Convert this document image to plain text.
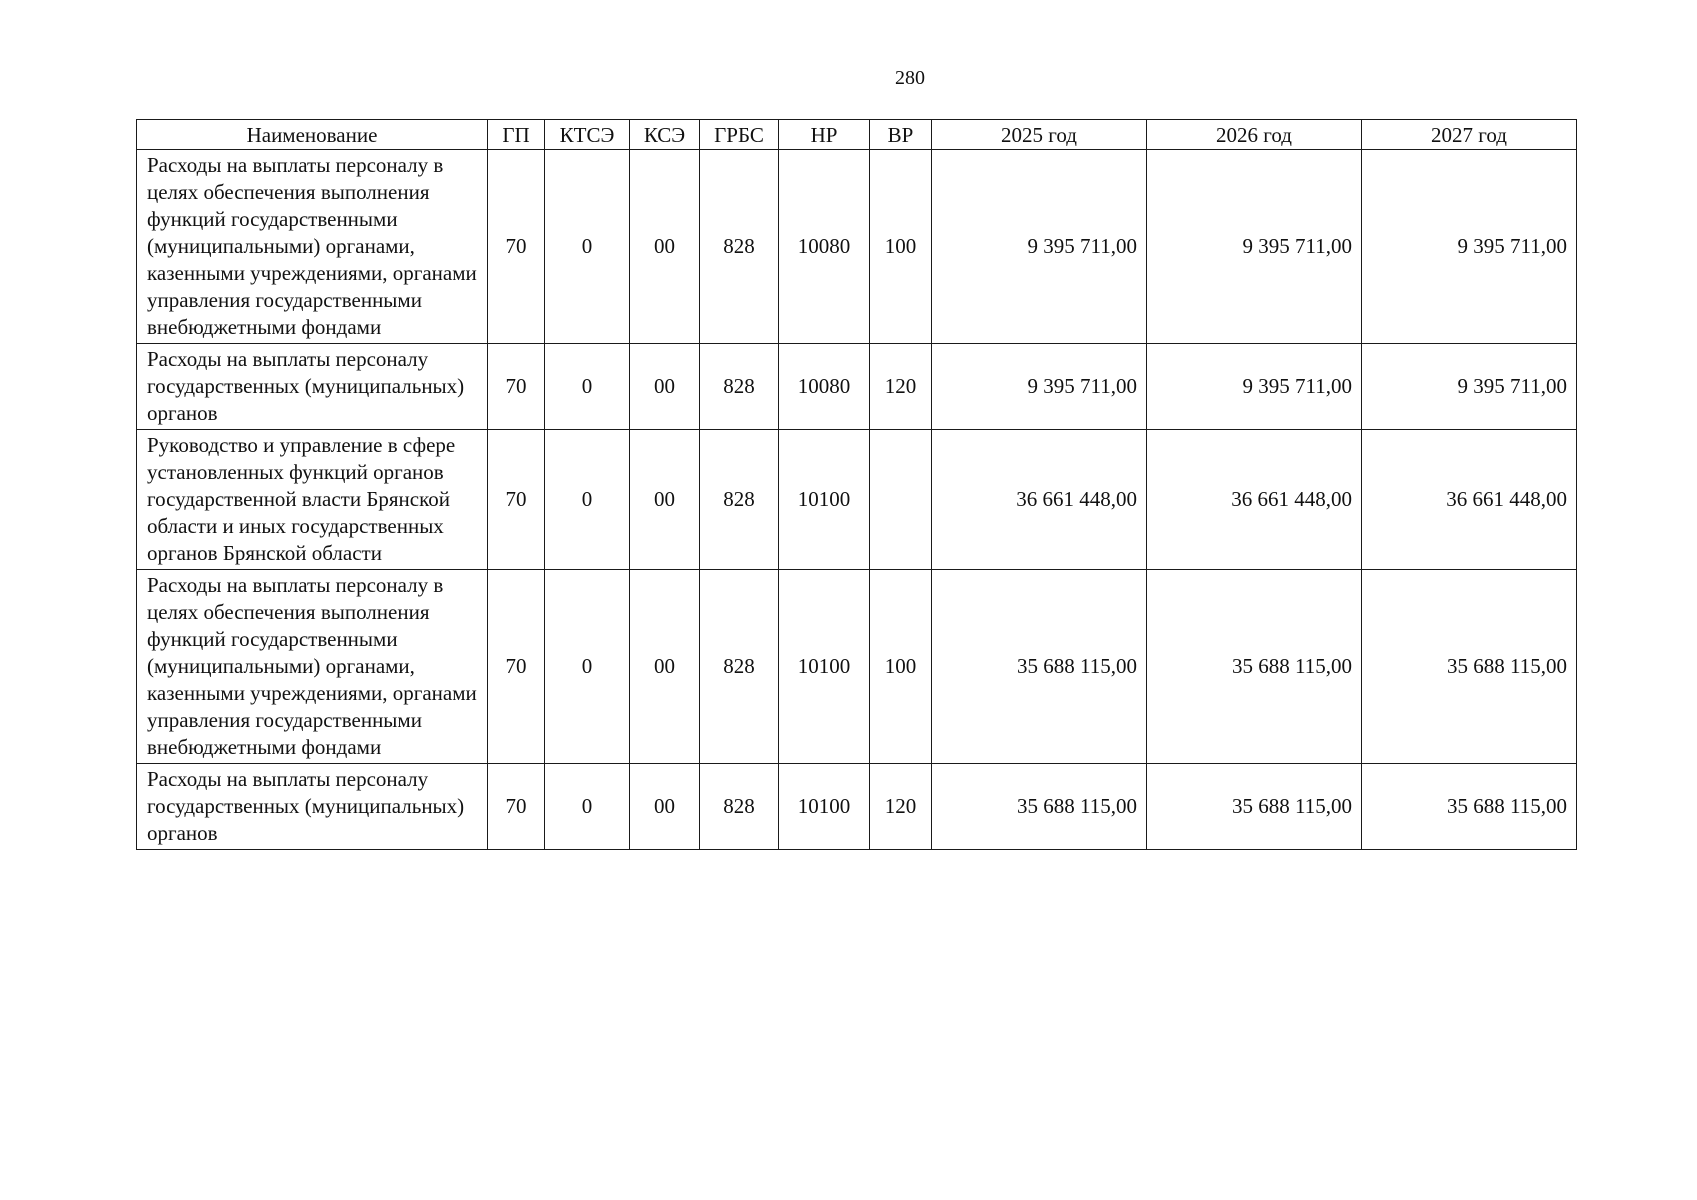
280
Наименование	ГП	КТСЭ	КСЭ	ГРБС	НР	ВР	2025 год	2026 год	2027 год
Расходы на выплаты персоналу в целях обеспечения выполнения функций государственными (муниципальными) органами, казенными учреждениями, органами управления государственными внебюджетными фондами	70	0	00	828	10080	100	9 395 711,00	9 395 711,00	9 395 711,00
Расходы на выплаты персоналу государственных (муниципальных) органов	70	0	00	828	10080	120	9 395 711,00	9 395 711,00	9 395 711,00
Руководство и управление в сфере установленных функций органов государственной власти Брянской области и иных государственных органов Брянской области	70	0	00	828	10100		36 661 448,00	36 661 448,00	36 661 448,00
Расходы на выплаты персоналу в целях обеспечения выполнения функций государственными (муниципальными) органами, казенными учреждениями, органами управления государственными внебюджетными фондами	70	0	00	828	10100	100	35 688 115,00	35 688 115,00	35 688 115,00
Расходы на выплаты персоналу государственных (муниципальных) органов	70	0	00	828	10100	120	35 688 115,00	35 688 115,00	35 688 115,00
